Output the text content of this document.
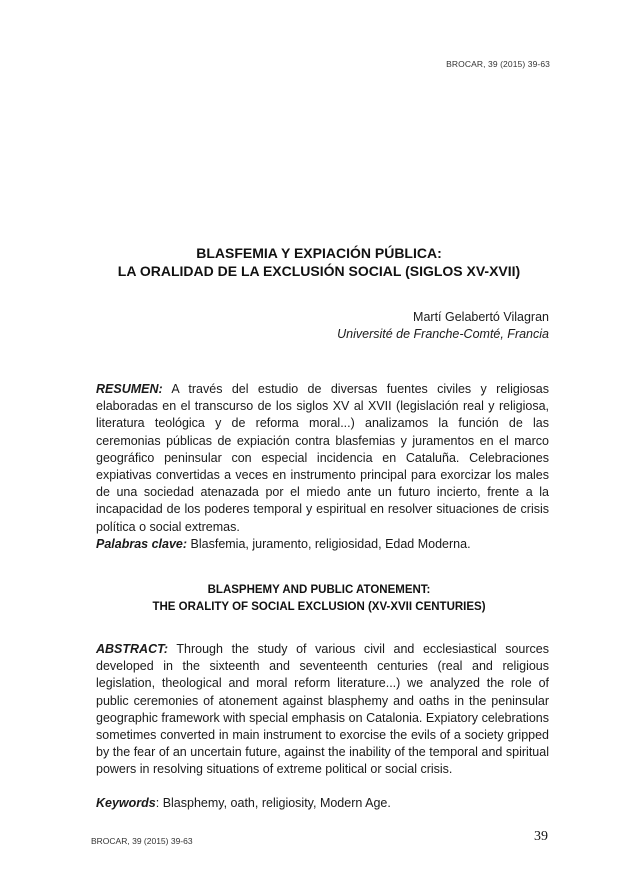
BROCAR, 39 (2015) 39-63
BLASFEMIA Y EXPIACIÓN PÚBLICA:
LA ORALIDAD DE LA EXCLUSIÓN SOCIAL (SIGLOS XV-XVII)
Martí Gelabertó Vilagran
Université de Franche-Comté, Francia
RESUMEN: A través del estudio de diversas fuentes civiles y religiosas elaboradas en el transcurso de los siglos XV al XVII (legislación real y religiosa, literatura teológica y de reforma moral...) analizamos la función de las ceremonias públicas de expiación contra blasfemias y juramentos en el marco geográfico peninsular con especial incidencia en Cataluña. Celebraciones expiativas convertidas a veces en instrumento principal para exorcizar los males de una sociedad atenazada por el miedo ante un futuro incierto, frente a la incapacidad de los poderes temporal y espiritual en resolver situaciones de crisis política o social extremas.
Palabras clave: Blasfemia, juramento, religiosidad, Edad Moderna.
BLASPHEMY AND PUBLIC ATONEMENT:
THE ORALITY OF SOCIAL EXCLUSION (XV-XVII CENTURIES)
ABSTRACT: Through the study of various civil and ecclesiastical sources developed in the sixteenth and seventeenth centuries (real and religious legislation, theological and moral reform literature...) we analyzed the role of public ceremonies of atonement against blasphemy and oaths in the peninsular geographic framework with special emphasis on Catalonia. Expiatory celebrations sometimes converted in main instrument to exorcise the evils of a society gripped by the fear of an uncertain future, against the inability of the temporal and spiritual powers in resolving situations of extreme political or social crisis.
Keywords: Blasphemy, oath, religiosity, Modern Age.
BROCAR, 39 (2015) 39-63	39
